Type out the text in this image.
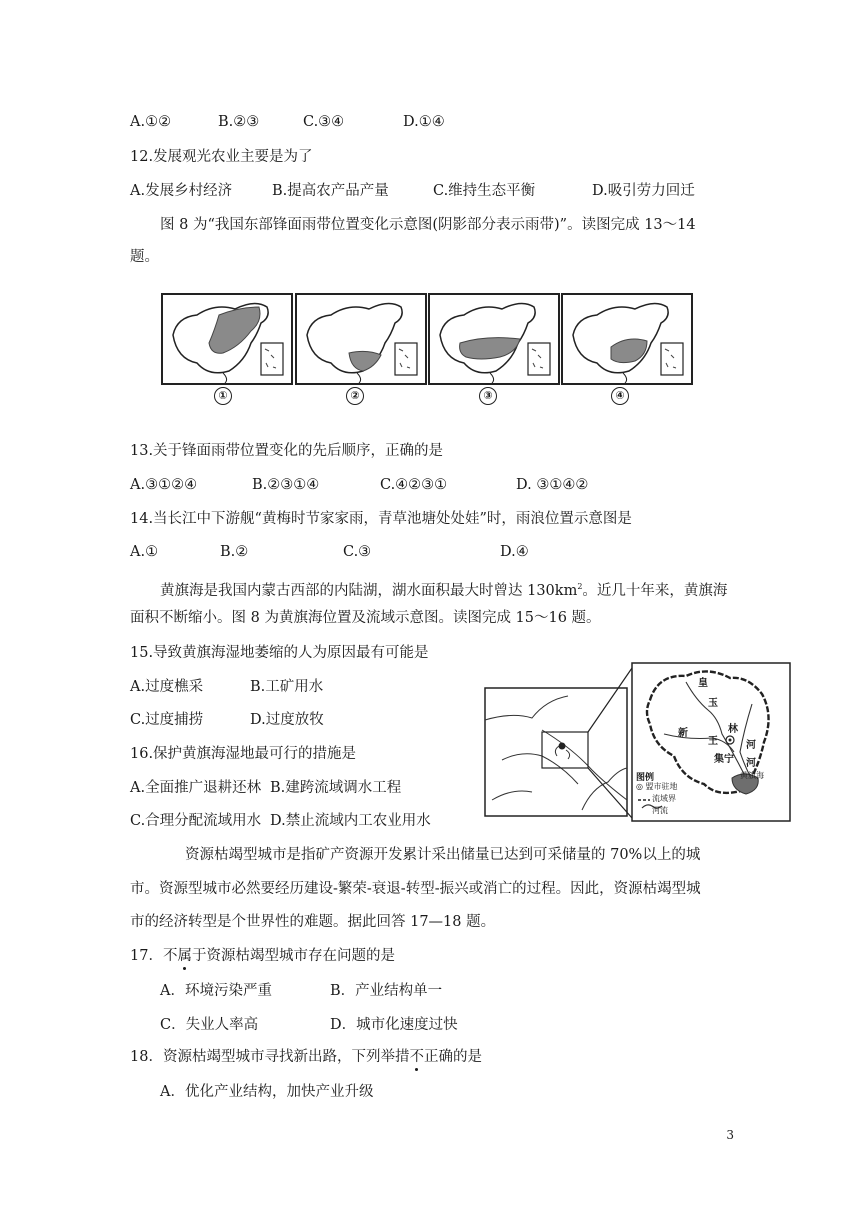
A.①②	B.②③	C.③④	D.①④
12.发展观光农业主要是为了
A.发展乡村经济	B.提高农产品产量	C.维持生态平衡	D.吸引劳力回迁
图 8 为“我国东部锋面雨带位置变化示意图(阴影部分表示雨带)”。读图完成 13～14
题。
①	②	③	④
13.关于锋面雨带位置变化的先后顺序，正确的是
A.③①②④	B.②③①④	C.④②③①	D. ③①④②
14.当长江中下游舰“黄梅时节家家雨，青草池塘处处娃”时，雨浪位置示意图是
A.①	B.②	C.③	D.④
黄旗海是我国内蒙古西部的内陆湖，湖水面积最大时曾达 $130km^2$。近几十年来，黄旗海
面积不断缩小。图 8 为黄旗海位置及流域示意图。读图完成 15～16 题。
15.导致黄旗海湿地萎缩的人为原因最有可能是
A.过度樵采	B.工矿用水
C.过度捕捞	D.过度放牧
16.保护黄旗海湿地最可行的措施是
A.全面推广退耕还林 B.建跨流域调水工程
C.合理分配流域用水 D.禁止流域内工农业用水
皇
玉
林
河
新
王
集宁 河
黄旗海
图例
◎ 盟市驻地
流域界
河流
资源枯竭型城市是指矿产资源开发累计采出储量已达到可采储量的 70%以上的城
市。资源型城市必然要经历建设-繁荣-衰退-转型-振兴或消亡的过程。因此，资源枯竭型城
市的经济转型是个世界性的难题。据此回答 17—18 题。
17．不属于资源枯竭型城市存在问题的是
A．环境污染严重	B．产业结构单一
C．失业人率高	D．城市化速度过快
18．资源枯竭型城市寻找新出路，下列举措不正确的是
A．优化产业结构，加快产业升级
3
